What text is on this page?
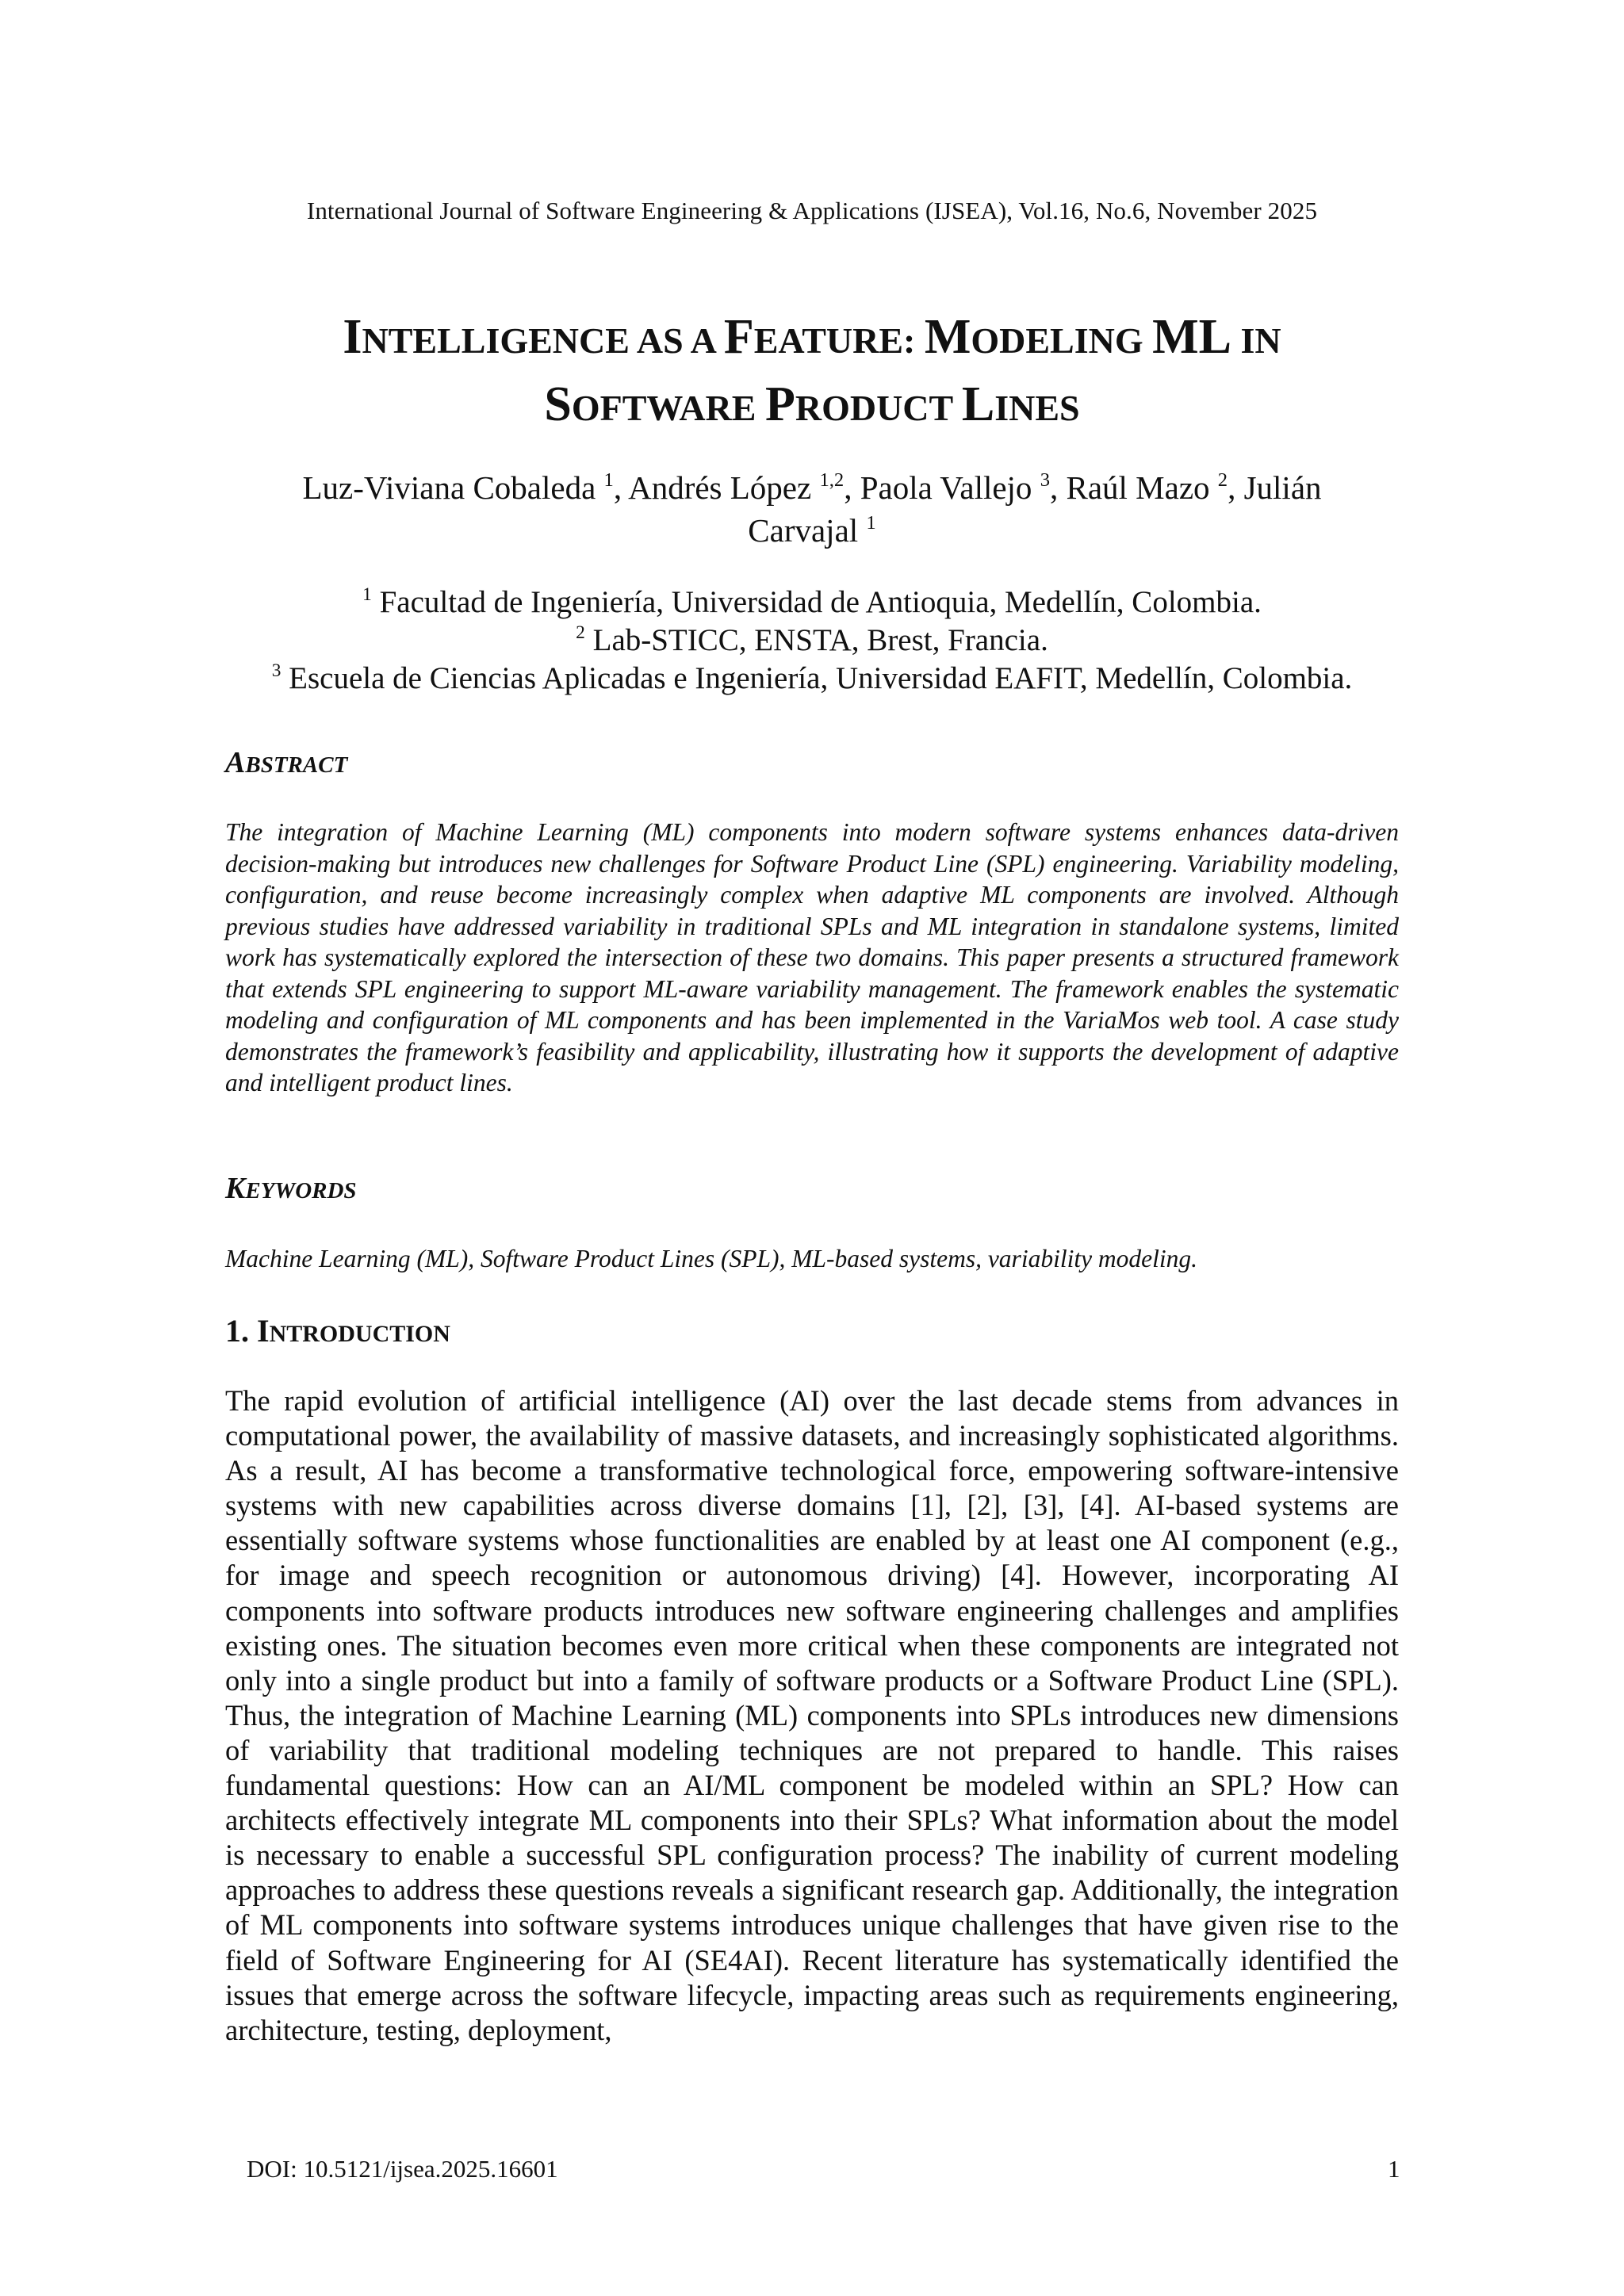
International Journal of Software Engineering & Applications (IJSEA), Vol.16, No.6, November 2025
INTELLIGENCE AS A FEATURE: MODELING ML IN
SOFTWARE PRODUCT LINES
Luz-Viviana Cobaleda $^1$, Andrés López $^{1,2}$, Paola Vallejo $^3$, Raúl Mazo $^2$, Julián
Carvajal $^1$
$^1$ Facultad de Ingeniería, Universidad de Antioquia, Medellín, Colombia.
$^2$ Lab-STICC, ENSTA, Brest, Francia.
$^3$ Escuela de Ciencias Aplicadas e Ingeniería, Universidad EAFIT, Medellín, Colombia.
ABSTRACT
The integration of Machine Learning (ML) components into modern software systems enhances data-driven decision-making but introduces new challenges for Software Product Line (SPL) engineering. Variability modeling, configuration, and reuse become increasingly complex when adaptive ML components are involved. Although previous studies have addressed variability in traditional SPLs and ML integration in standalone systems, limited work has systematically explored the intersection of these two domains. This paper presents a structured framework that extends SPL engineering to support ML-aware variability management. The framework enables the systematic modeling and configuration of ML components and has been implemented in the VariaMos web tool. A case study demonstrates the framework’s feasibility and applicability, illustrating how it supports the development of adaptive and intelligent product lines.
KEYWORDS
Machine Learning (ML), Software Product Lines (SPL), ML-based systems, variability modeling.
1. INTRODUCTION
The rapid evolution of artificial intelligence (AI) over the last decade stems from advances in computational power, the availability of massive datasets, and increasingly sophisticated algorithms. As a result, AI has become a transformative technological force, empowering software-intensive systems with new capabilities across diverse domains [1], [2], [3], [4]. AI-based systems are essentially software systems whose functionalities are enabled by at least one AI component (e.g., for image and speech recognition or autonomous driving) [4]. However, incorporating AI components into software products introduces new software engineering challenges and amplifies existing ones. The situation becomes even more critical when these components are integrated not only into a single product but into a family of software products or a Software Product Line (SPL). Thus, the integration of Machine Learning (ML) components into SPLs introduces new dimensions of variability that traditional modeling techniques are not prepared to handle. This raises fundamental questions: How can an AI/ML component be modeled within an SPL? How can architects effectively integrate ML components into their SPLs? What information about the model is necessary to enable a successful SPL configuration process? The inability of current modeling approaches to address these questions reveals a significant research gap. Additionally, the integration of ML components into software systems introduces unique challenges that have given rise to the field of Software Engineering for AI (SE4AI). Recent literature has systematically identified the issues that emerge across the software lifecycle, impacting areas such as requirements engineering, architecture, testing, deployment,
DOI: 10.5121/ijsea.2025.16601	1
